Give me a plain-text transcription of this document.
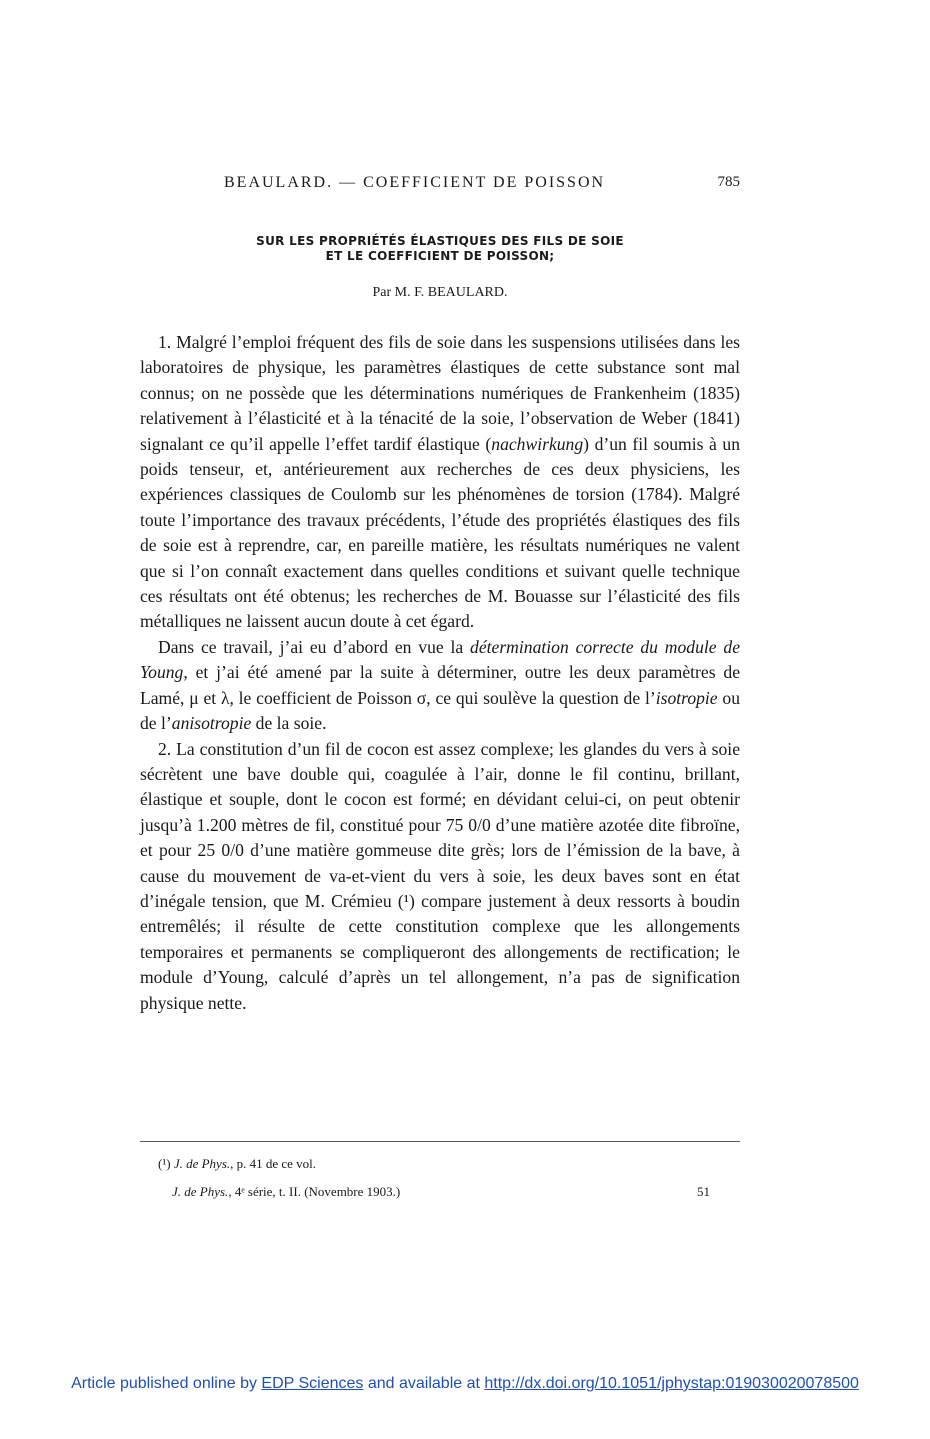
BEAULARD. — COEFFICIENT DE POISSON	785
SUR LES PROPRIÉTÉS ÉLASTIQUES DES FILS DE SOIE
ET LE COEFFICIENT DE POISSON;
Par M. F. BEAULARD.

1. Malgré l’emploi fréquent des fils de soie dans les suspensions utilisées dans les laboratoires de physique, les paramètres élastiques de cette substance sont mal connus; on ne possède que les déterminations numériques de Frankenheim (1835) relativement à l’élasticité et à la ténacité de la soie, l’observation de Weber (1841) signalant ce qu’il appelle l’effet tardif élastique (nachwirkung) d’un fil soumis à un poids tenseur, et, antérieurement aux recherches de ces deux physiciens, les expériences classiques de Coulomb sur les phénomènes de torsion (1784). Malgré toute l’importance des travaux précédents, l’étude des propriétés élastiques des fils de soie est à reprendre, car, en pareille matière, les résultats numériques ne valent que si l’on connaît exactement dans quelles conditions et suivant quelle technique ces résultats ont été obtenus; les recherches de M. Bouasse sur l’élasticité des fils métalliques ne laissent aucun doute à cet égard.

Dans ce travail, j’ai eu d’abord en vue la détermination correcte du module de Young, et j’ai été amené par la suite à déterminer, outre les deux paramètres de Lamé, μ et λ, le coefficient de Poisson σ, ce qui soulève la question de l’isotropie ou de l’anisotropie de la soie.

2. La constitution d’un fil de cocon est assez complexe; les glandes du vers à soie sécrètent une bave double qui, coagulée à l’air, donne le fil continu, brillant, élastique et souple, dont le cocon est formé; en dévidant celui-ci, on peut obtenir jusqu’à 1.200 mètres de fil, constitué pour 75 0/0 d’une matière azotée dite fibroïne, et pour 25 0/0 d’une matière gommeuse dite grès; lors de l’émission de la bave, à cause du mouvement de va-et-vient du vers à soie, les deux baves sont en état d’inégale tension, que M. Crémieu (¹) compare justement à deux ressorts à boudin entremêlés; il résulte de cette constitution complexe que les allongements temporaires et permanents se compliqueront des allongements de rectification; le module d’Young, calculé d’après un tel allongement, n’a pas de signification physique nette.

(¹) J. de Phys., p. 41 de ce vol.
J. de Phys., 4ᵉ série, t. II. (Novembre 1903.)	51
Article published online by EDP Sciences and available at http://dx.doi.org/10.1051/jphystap:019030020078500
